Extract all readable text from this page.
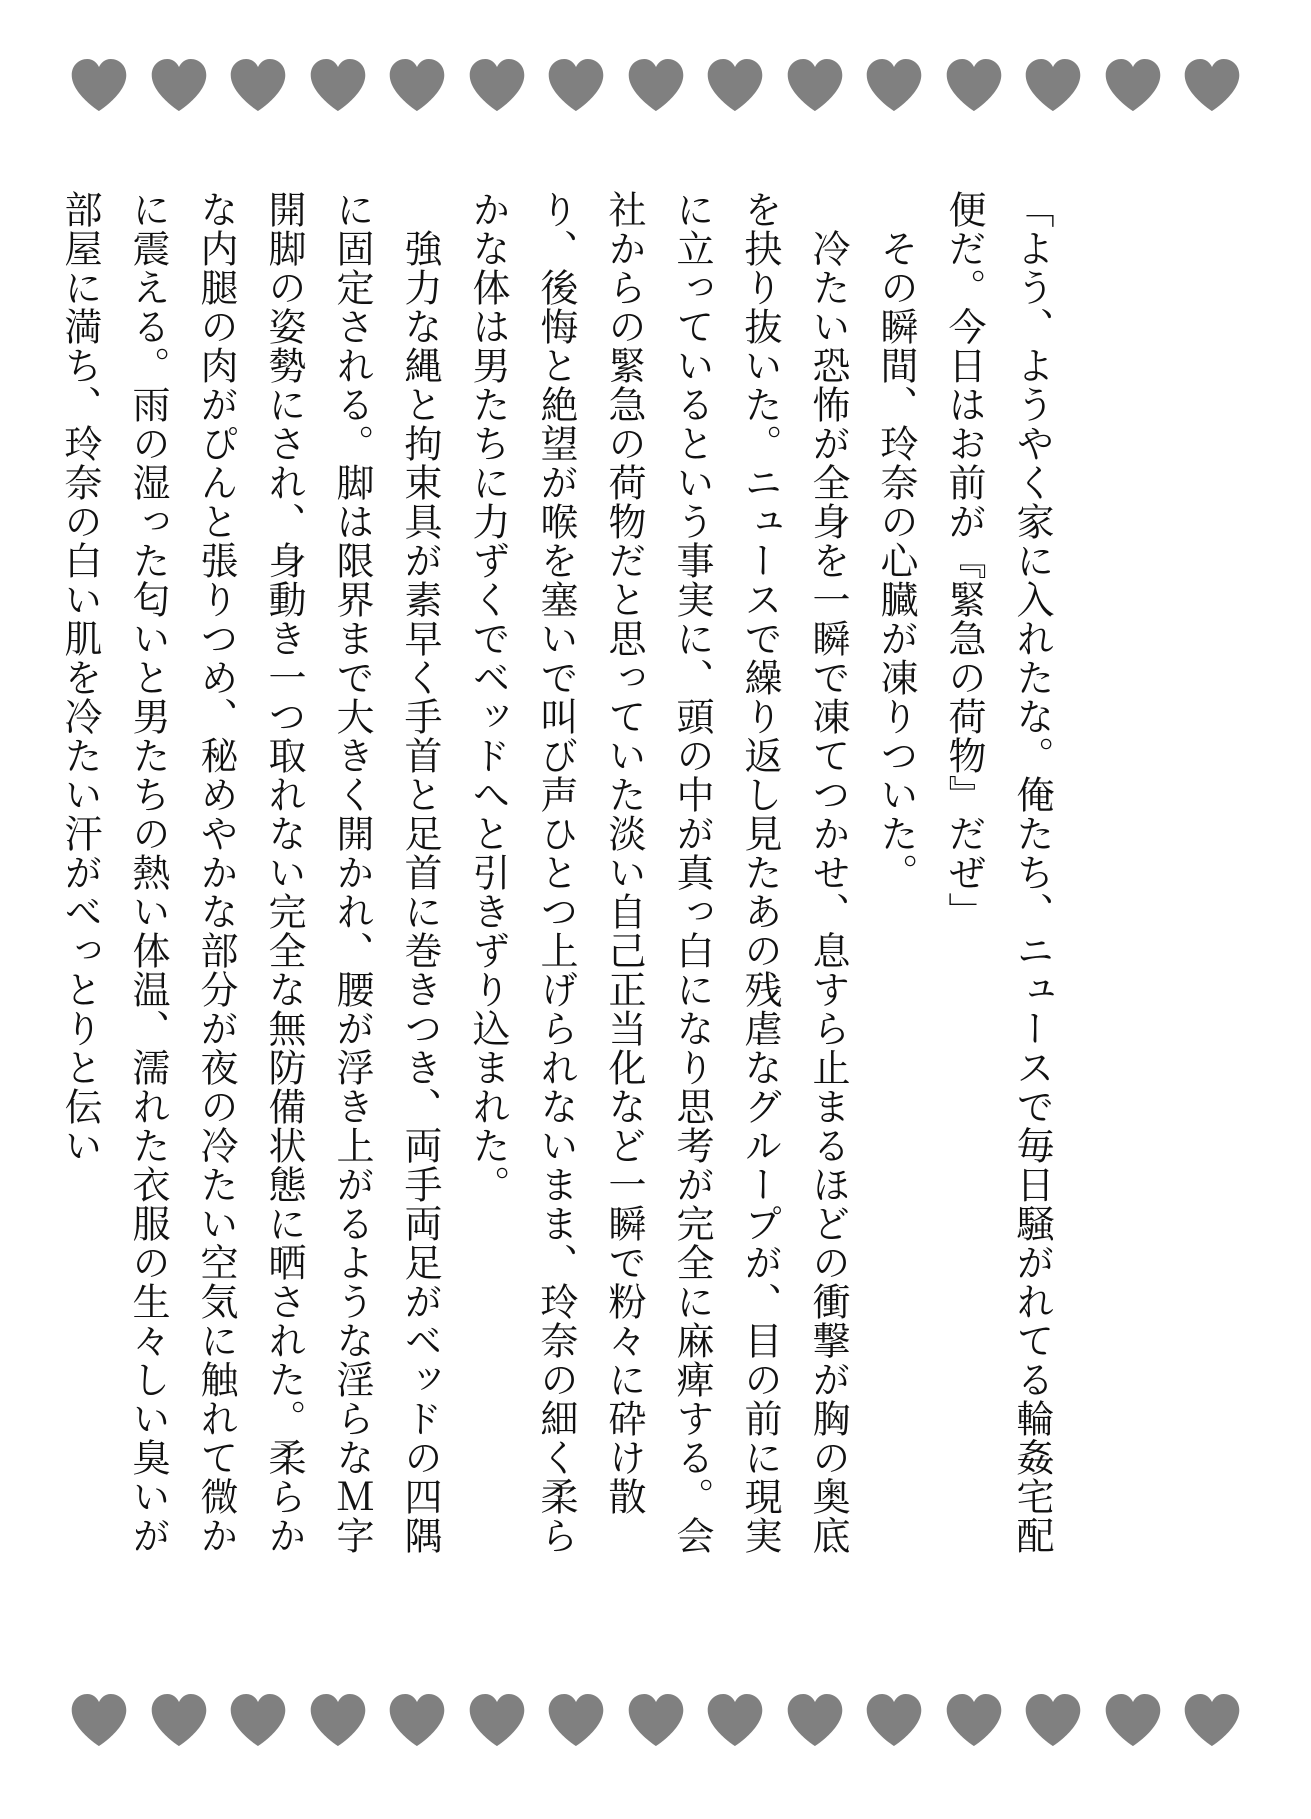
「よう、ようやく家に入れたな。俺たち、ニュースで毎日騒がれてる輪姦宅配便だ。今日はお前が『緊急の荷物』だぜ」

　その瞬間、玲奈の心臓が凍りついた。

　冷たい恐怖が全身を一瞬で凍てつかせ、息すら止まるほどの衝撃が胸の奥底を抉り抜いた。ニュースで繰り返し見たあの残虐なグループが、目の前に現実に立っているという事実に、頭の中が真っ白になり思考が完全に麻痺する。会社からの緊急の荷物だと思っていた淡い自己正当化など一瞬で粉々に砕け散り、後悔と絶望が喉を塞いで叫び声ひとつ上げられないまま、玲奈の細く柔らかな体は男たちに力ずくでベッドへと引きずり込まれた。

　強力な縄と拘束具が素早く手首と足首に巻きつき、両手両足がベッドの四隅に固定される。脚は限界まで大きく開かれ、腰が浮き上がるような淫らなＭ字開脚の姿勢にされ、身動き一つ取れない完全な無防備状態に晒された。柔らかな内腿の肉がぴんと張りつめ、秘めやかな部分が夜の冷たい空気に触れて微かに震える。雨の湿った匂いと男たちの熱い体温、濡れた衣服の生々しい臭いが部屋に満ち、玲奈の白い肌を冷たい汗がべっとりと伝い
